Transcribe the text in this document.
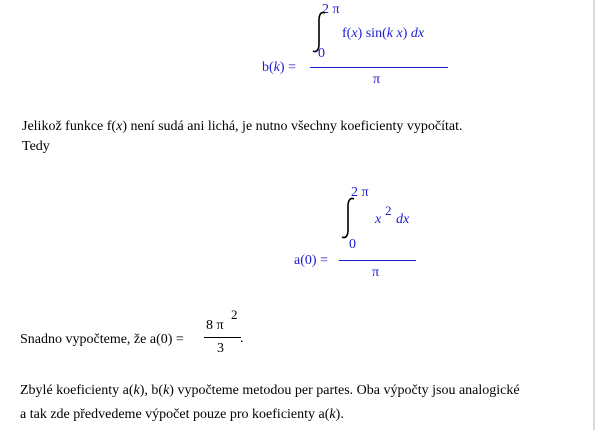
b(k) =
2 π
0
f(x) sin(k x) dx
π
Jelikož funkce f(x) není sudá ani lichá, je nutno všechny koeficienty vypočítat.
Tedy
a(0) =
2 π
0
x
2
dx
π
Snadno vypočteme, že a(0) =
8 π
2
3
.
Zbylé koeficienty a(k), b(k) vypočteme metodou per partes. Oba výpočty jsou analogické
a tak zde předvedeme výpočet pouze pro koeficienty a(k).
